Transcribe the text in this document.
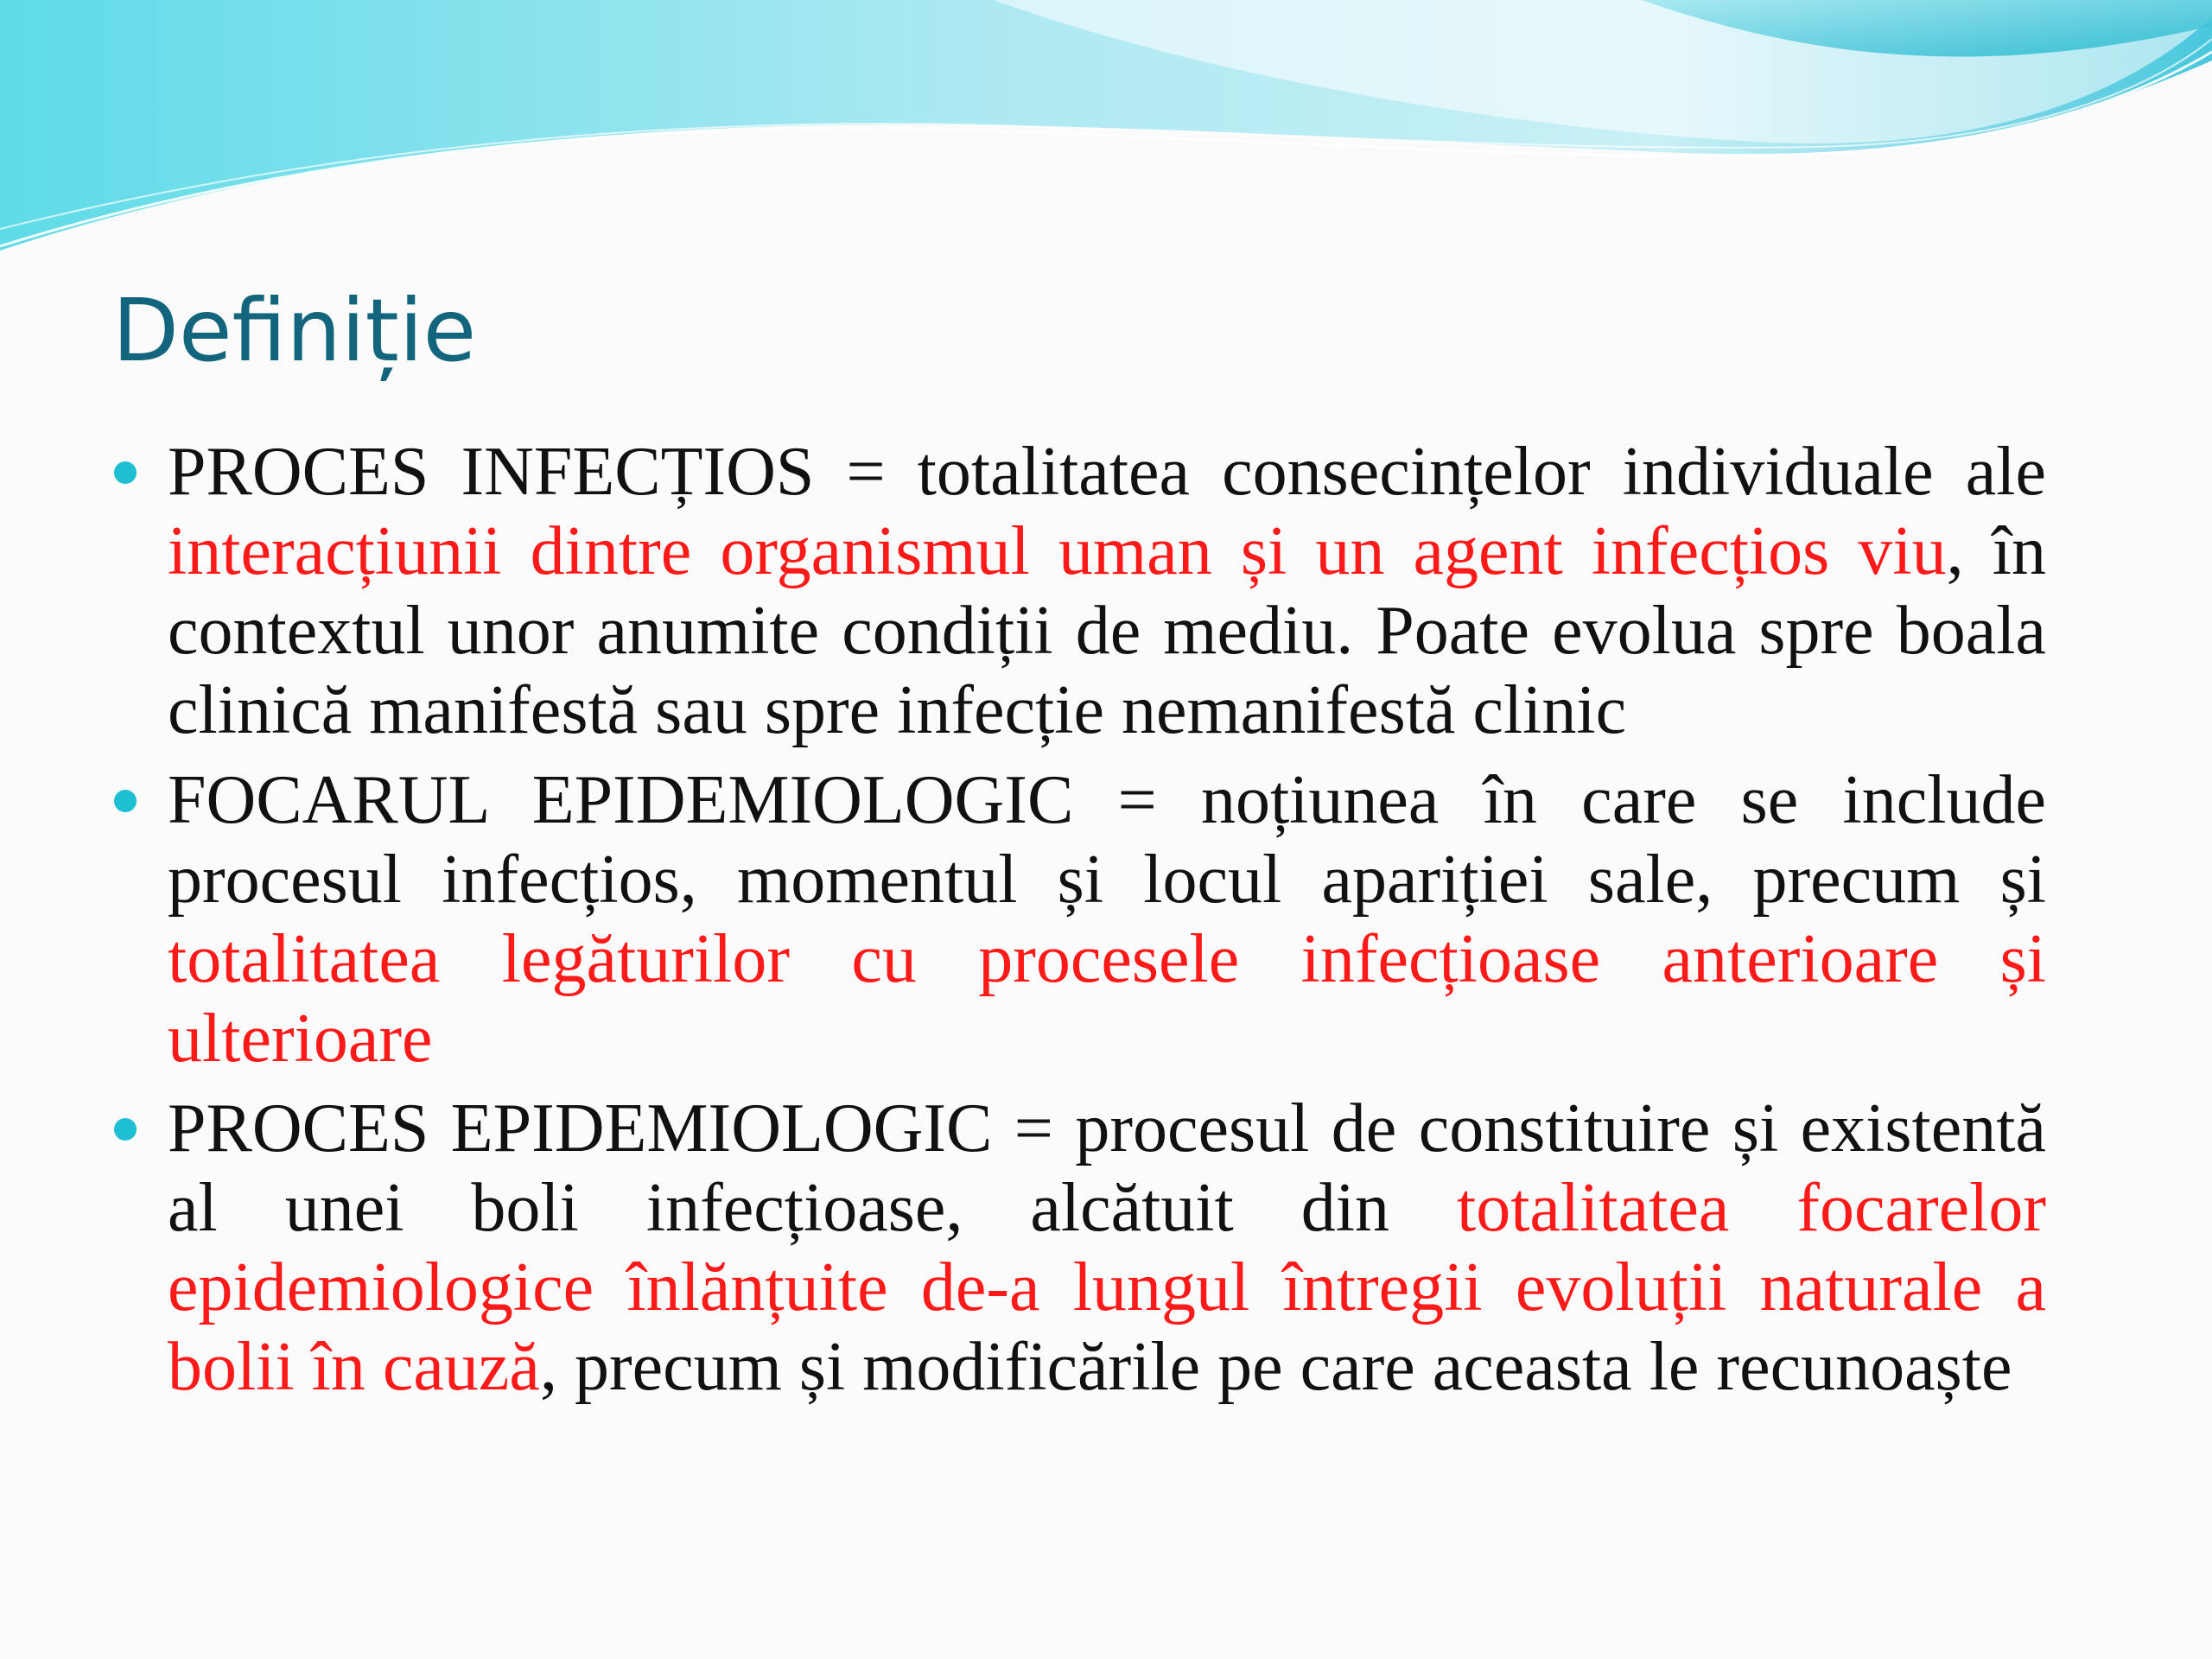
Definiție
PROCES INFECȚIOS = totalitatea consecințelor individuale ale interacțiunii dintre organismul uman și un agent infecțios viu, în contextul unor anumite condiții de mediu. Poate evolua spre boala clinică manifestă sau spre infecție nemanifestă clinic
FOCARUL EPIDEMIOLOGIC = noțiunea în care se include procesul infecțios, momentul și locul apariției sale, precum și totalitatea legăturilor cu procesele infecțioase anterioare și ulterioare
PROCES EPIDEMIOLOGIC = procesul de constituire și existentă al unei boli infecțioase, alcătuit din totalitatea focarelor epidemiologice înlănțuite de-a lungul întregii evoluții naturale a bolii în cauză, precum și modificările pe care aceasta le recunoaște
